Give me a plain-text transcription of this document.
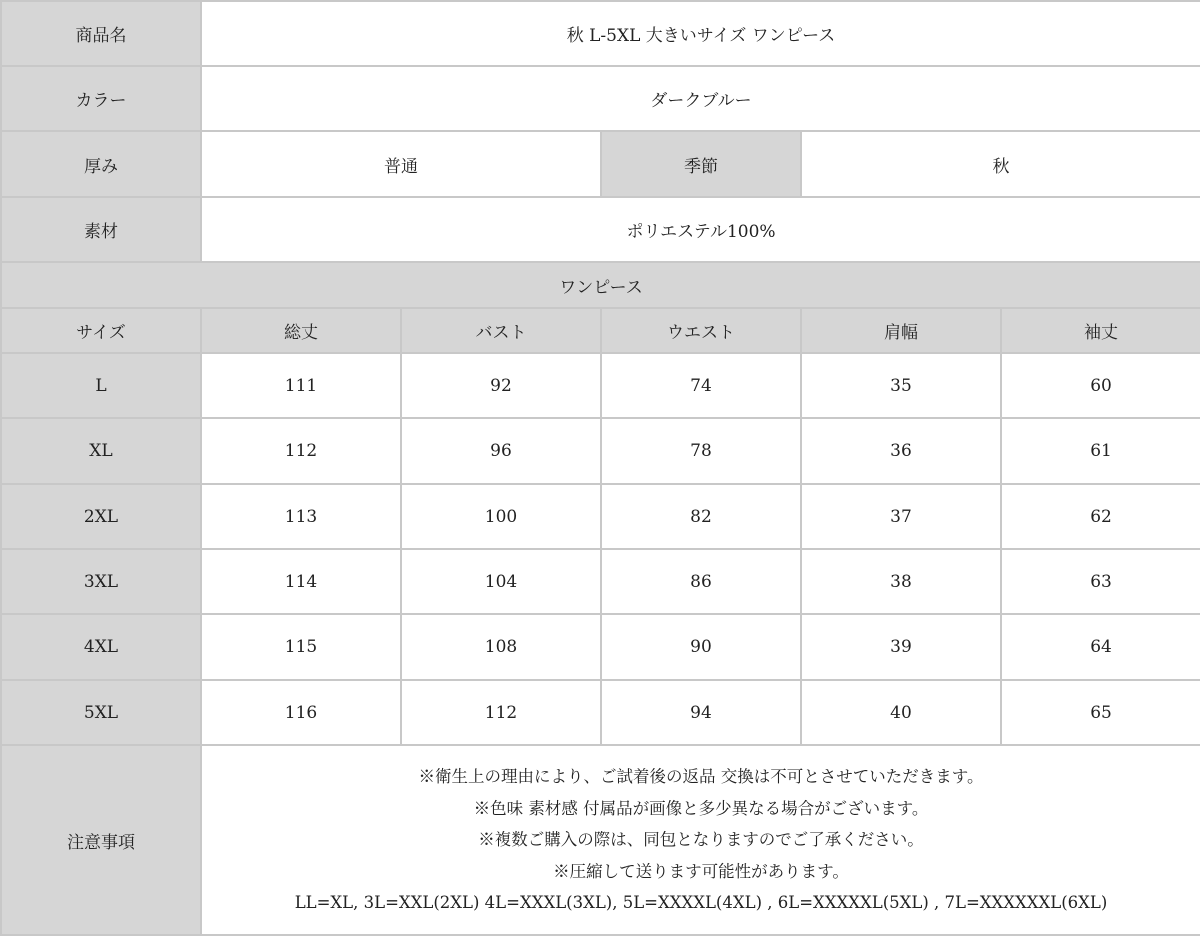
商品名	秋 L-5XL 大きいサイズ ワンピース				
カラー	ダークブルー				
厚み	普通		季節	秋	
素材	ポリエステル100%				
ワンピース					
サイズ	総丈	バスト	ウエスト	肩幅	袖丈
L	111	92	74	35	60
XL	112	96	78	36	61
2XL	113	100	82	37	62
3XL	114	104	86	38	63
4XL	115	108	90	39	64
5XL	116	112	94	40	65
注意事項	※衛生上の理由により、ご試着後の返品 交換は不可とさせていただきます。
※色味 素材感 付属品が画像と多少異なる場合がございます。
※複数ご購入の際は、同包となりますのでご了承ください。
※圧縮して送ります可能性があります。
LL=XL, 3L=XXL(2XL) 4L=XXXL(3XL), 5L=XXXXL(4XL) , 6L=XXXXXL(5XL) , 7L=XXXXXXL(6XL)				
